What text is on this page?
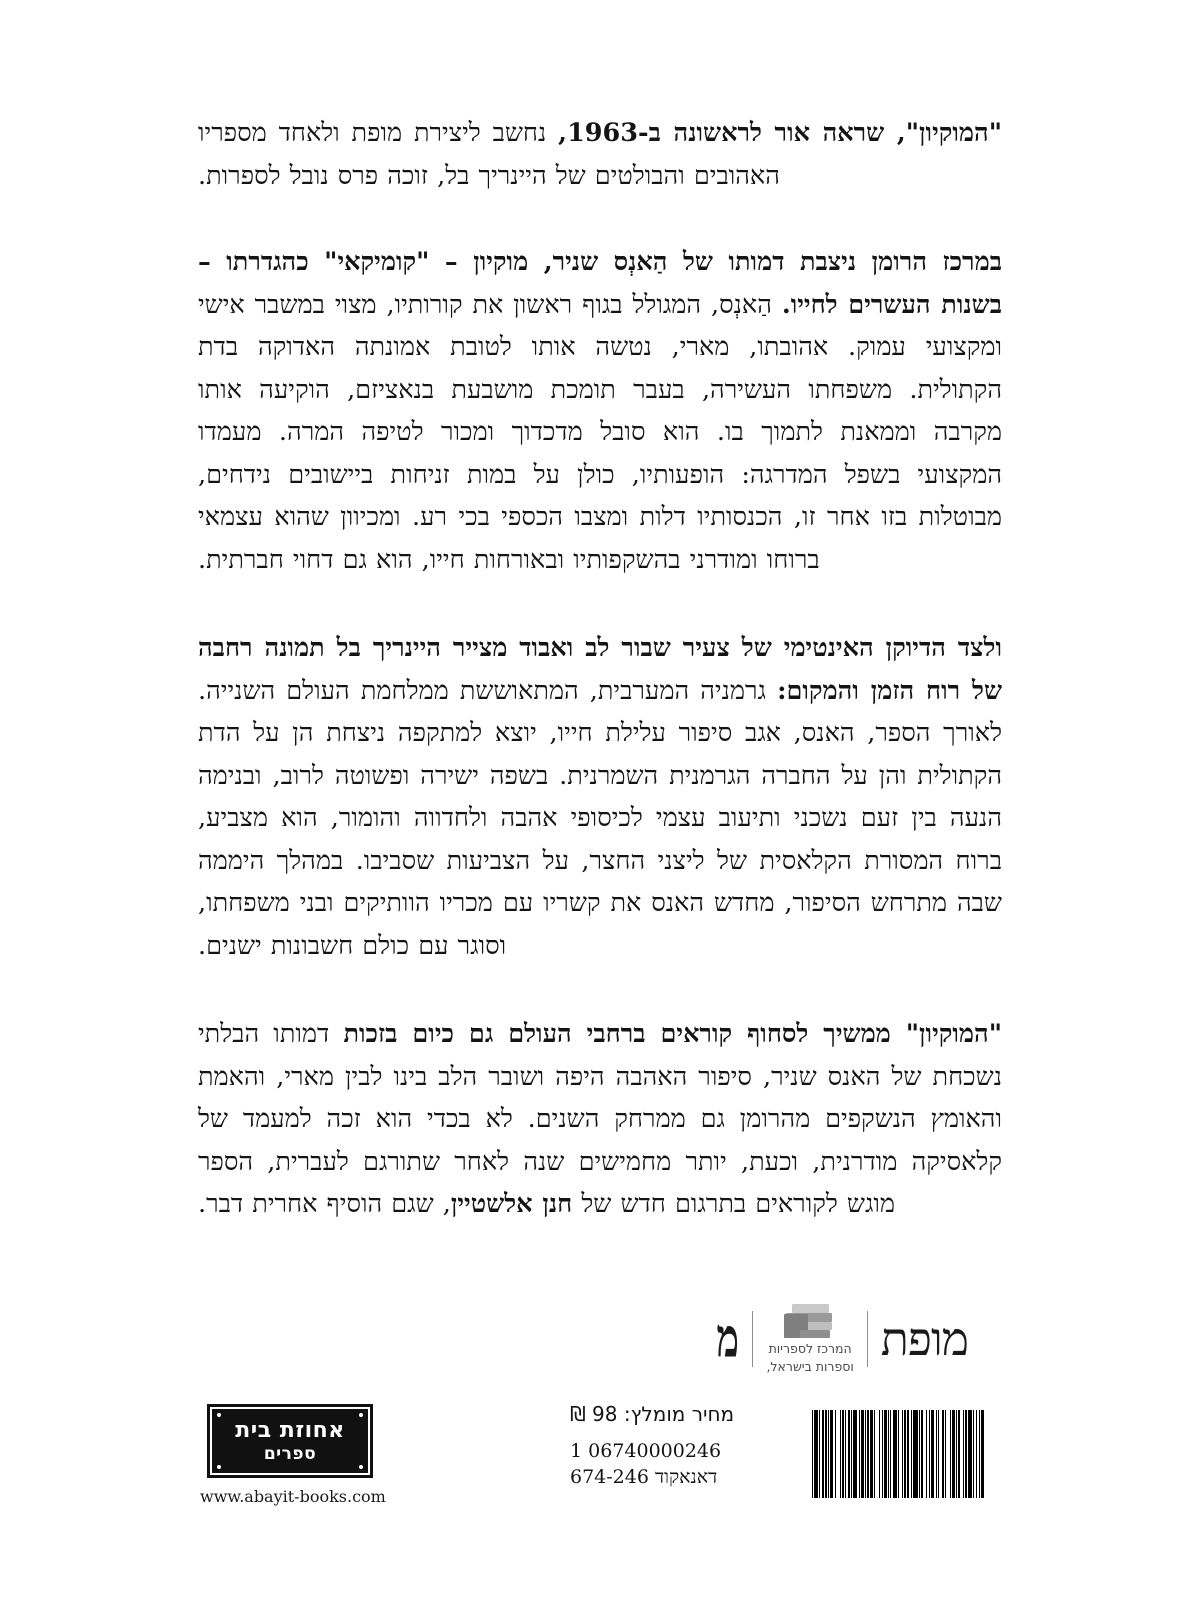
"המוקיון", שראה אור לראשונה ב-1963, נחשב ליצירת מופת ולאחד מספריו האהובים והבולטים של היינריך בל, זוכה פרס נובל לספרות.

במרכז הרומן ניצבת דמותו של הַאנְס שניר, מוקיון – "קומיקאי" כהגדרתו – בשנות העשרים לחייו. הַאנְס, המגולל בגוף ראשון את קורותיו, מצוי במשבר אישי ומקצועי עמוק. אהובתו, מארי, נטשה אותו לטובת אמונתה האדוקה בדת הקתולית. משפחתו העשירה, בעבר תומכת מושבעת בנאציזם, הוקיעה אותו מקרבה וממאנת לתמוך בו. הוא סובל מדכדוך ומכור לטיפה המרה. מעמדו המקצועי בשפל המדרגה: הופעותיו, כולן על במות זניחות ביישובים נידחים, מבוטלות בזו אחר זו, הכנסותיו דלות ומצבו הכספי בכי רע. ומכיוון שהוא עצמאי ברוחו ומודרני בהשקפותיו ובאורחות חייו, הוא גם דחוי חברתית.

ולצד הדיוקן האינטימי של צעיר שבור לב ואבוד מצייר היינריך בל תמונה רחבה של רוח הזמן והמקום: גרמניה המערבית, המתאוששת ממלחמת העולם השנייה. לאורך הספר, האנס, אגב סיפור עלילת חייו, יוצא למתקפה ניצחת הן על הדת הקתולית והן על החברה הגרמנית השמרנית. בשפה ישירה ופשוטה לרוב, ובנימה הנעה בין זעם נשכני ותיעוב עצמי לכיסופי אהבה ולחדווה והומור, הוא מצביע, ברוח המסורת הקלאסית של ליצני החצר, על הצביעות שסביבו. במהלך היממה שבה מתרחש הסיפור, מחדש האנס את קשריו עם מכריו הוותיקים ובני משפחתו, וסוגר עם כולם חשבונות ישנים.

"המוקיון" ממשיך לסחוף קוראים ברחבי העולם גם כיום בזכות דמותו הבלתי נשכחת של האנס שניר, סיפור האהבה היפה ושובר הלב בינו לבין מארי, והאמת והאומץ הנשקפים מהרומן גם ממרחק השנים. לא בכדי הוא זכה למעמד של קלאסיקה מודרנית, וכעת, יותר מחמישים שנה לאחר שתורגם לעברית, הספר מוגש לקוראים בתרגום חדש של חנן אלשטיין, שגם הוסיף אחרית דבר.

מופת
המרכז לספריות
וספרות בישראל,
מ
מחיר מומלץ: 98 ₪
06740000246 1
דאנאקוד 674-246
אחוזת בית
ספרים
www.abayit-books.com
